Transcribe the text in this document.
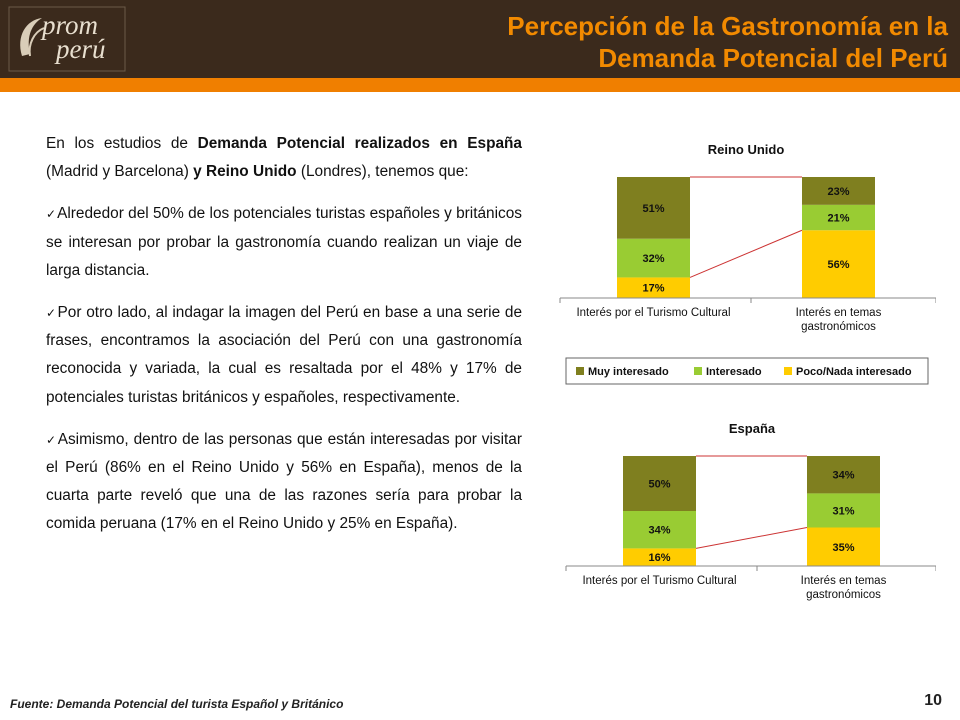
prom
perú
Percepción de la Gastronomía en la
Demanda Potencial del Perú

En los estudios de Demanda Potencial realizados en España (Madrid y Barcelona) y Reino Unido (Londres), tenemos que:

✓Alrededor del 50% de los potenciales turistas españoles y británicos se interesan por probar la gastronomía cuando realizan un viaje de larga distancia.

✓Por otro lado, al indagar la imagen del Perú en base a una serie de frases, encontramos la asociación del Perú con una gastronomía reconocida y variada, la cual es resaltada por el 48% y 17% de potenciales turistas británicos y españoles, respectivamente.

✓Asimismo, dentro de las personas que están interesadas por visitar el Perú (86% en el Reino Unido y 56% en España), menos de la cuarta parte reveló que una de las razones sería para probar la comida peruana (17% en el Reino Unido y 25% en España).

Reino Unido
17%
32%
51%
56%
21%
23%
Interés por el Turismo Cultural	Interés en temas
gastronómicos
Muy interesado	Interesado	Poco/Nada interesado
España
16%
34%
50%
35%
31%
34%
Interés por el Turismo Cultural	Interés en temas
gastronómicos
Fuente: Demanda Potencial del turista Español y Británico	10
